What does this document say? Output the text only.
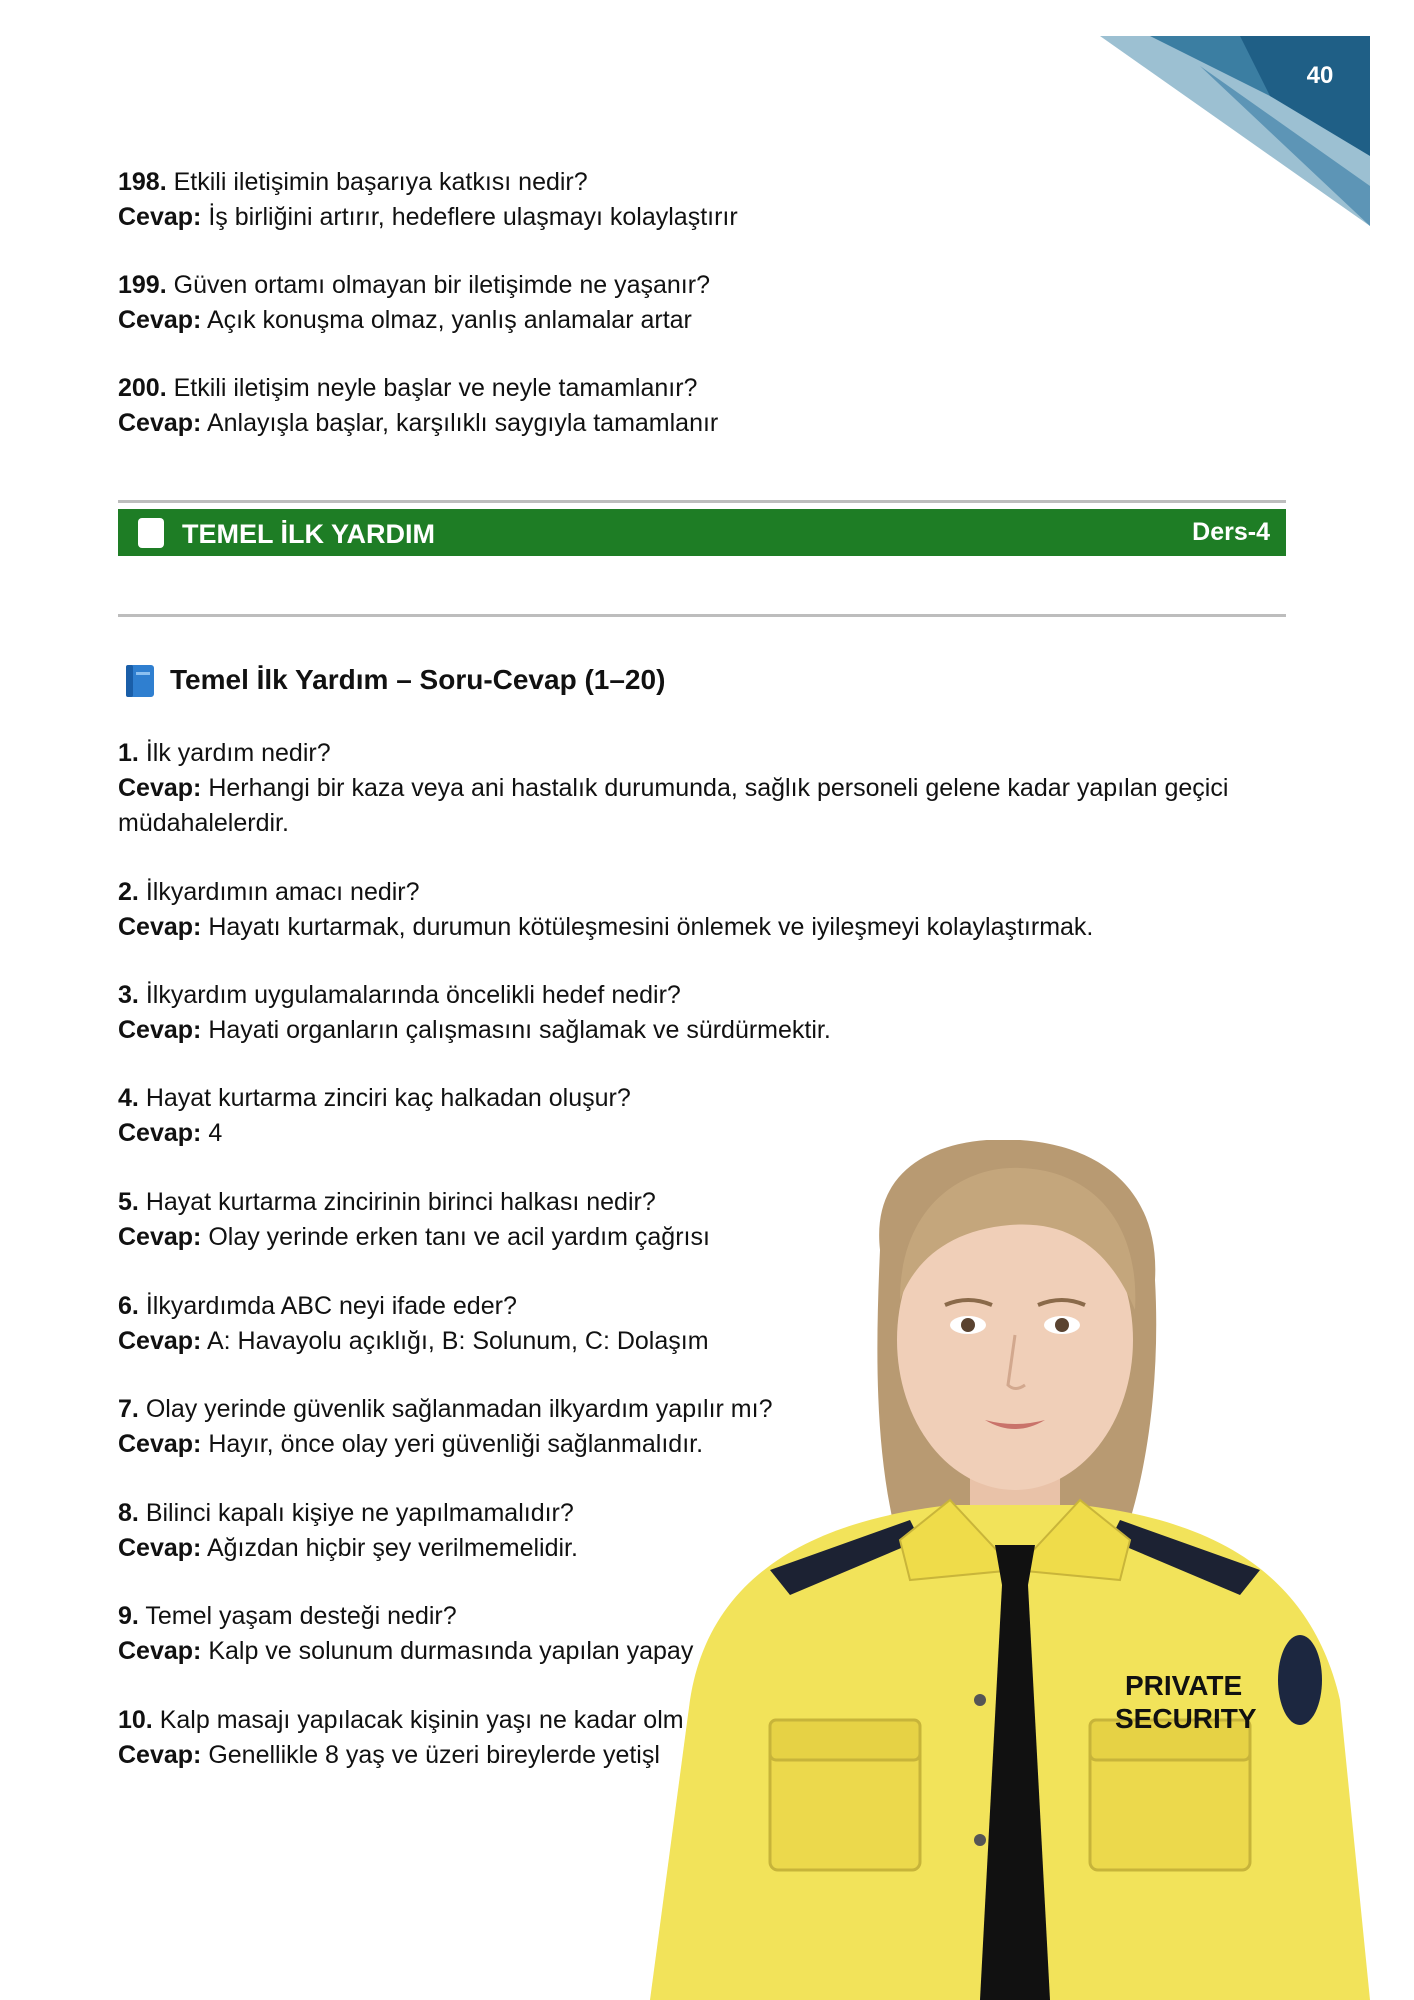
40
198. Etkili iletişimin başarıya katkısı nedir?
Cevap: İş birliğini artırır, hedeflere ulaşmayı kolaylaştırır
199. Güven ortamı olmayan bir iletişimde ne yaşanır?
Cevap: Açık konuşma olmaz, yanlış anlamalar artar
200. Etkili iletişim neyle başlar ve neyle tamamlanır?
Cevap: Anlayışla başlar, karşılıklı saygıyla tamamlanır
TEMEL İLK YARDIM	Ders-4
Temel İlk Yardım – Soru-Cevap (1–20)
1. İlk yardım nedir?
Cevap: Herhangi bir kaza veya ani hastalık durumunda, sağlık personeli gelene kadar yapılan geçici
müdahalelerdir.
2. İlkyardımın amacı nedir?
Cevap: Hayatı kurtarmak, durumun kötüleşmesini önlemek ve iyileşmeyi kolaylaştırmak.
3. İlkyardım uygulamalarında öncelikli hedef nedir?
Cevap: Hayati organların çalışmasını sağlamak ve sürdürmektir.
4. Hayat kurtarma zinciri kaç halkadan oluşur?
Cevap: 4
5. Hayat kurtarma zincirinin birinci halkası nedir?
Cevap: Olay yerinde erken tanı ve acil yardım çağrısı
6. İlkyardımda ABC neyi ifade eder?
Cevap: A: Havayolu açıklığı, B: Solunum, C: Dolaşım
7. Olay yerinde güvenlik sağlanmadan ilkyardım yapılır mı?
Cevap: Hayır, önce olay yeri güvenliği sağlanmalıdır.
8. Bilinci kapalı kişiye ne yapılmamalıdır?
Cevap: Ağızdan hiçbir şey verilmemelidir.
9. Temel yaşam desteği nedir?
Cevap: Kalp ve solunum durmasında yapılan yapay
10. Kalp masajı yapılacak kişinin yaşı ne kadar olm
Cevap: Genellikle 8 yaş ve üzeri bireylerde yetişl
PRIVATE
SECURITY
